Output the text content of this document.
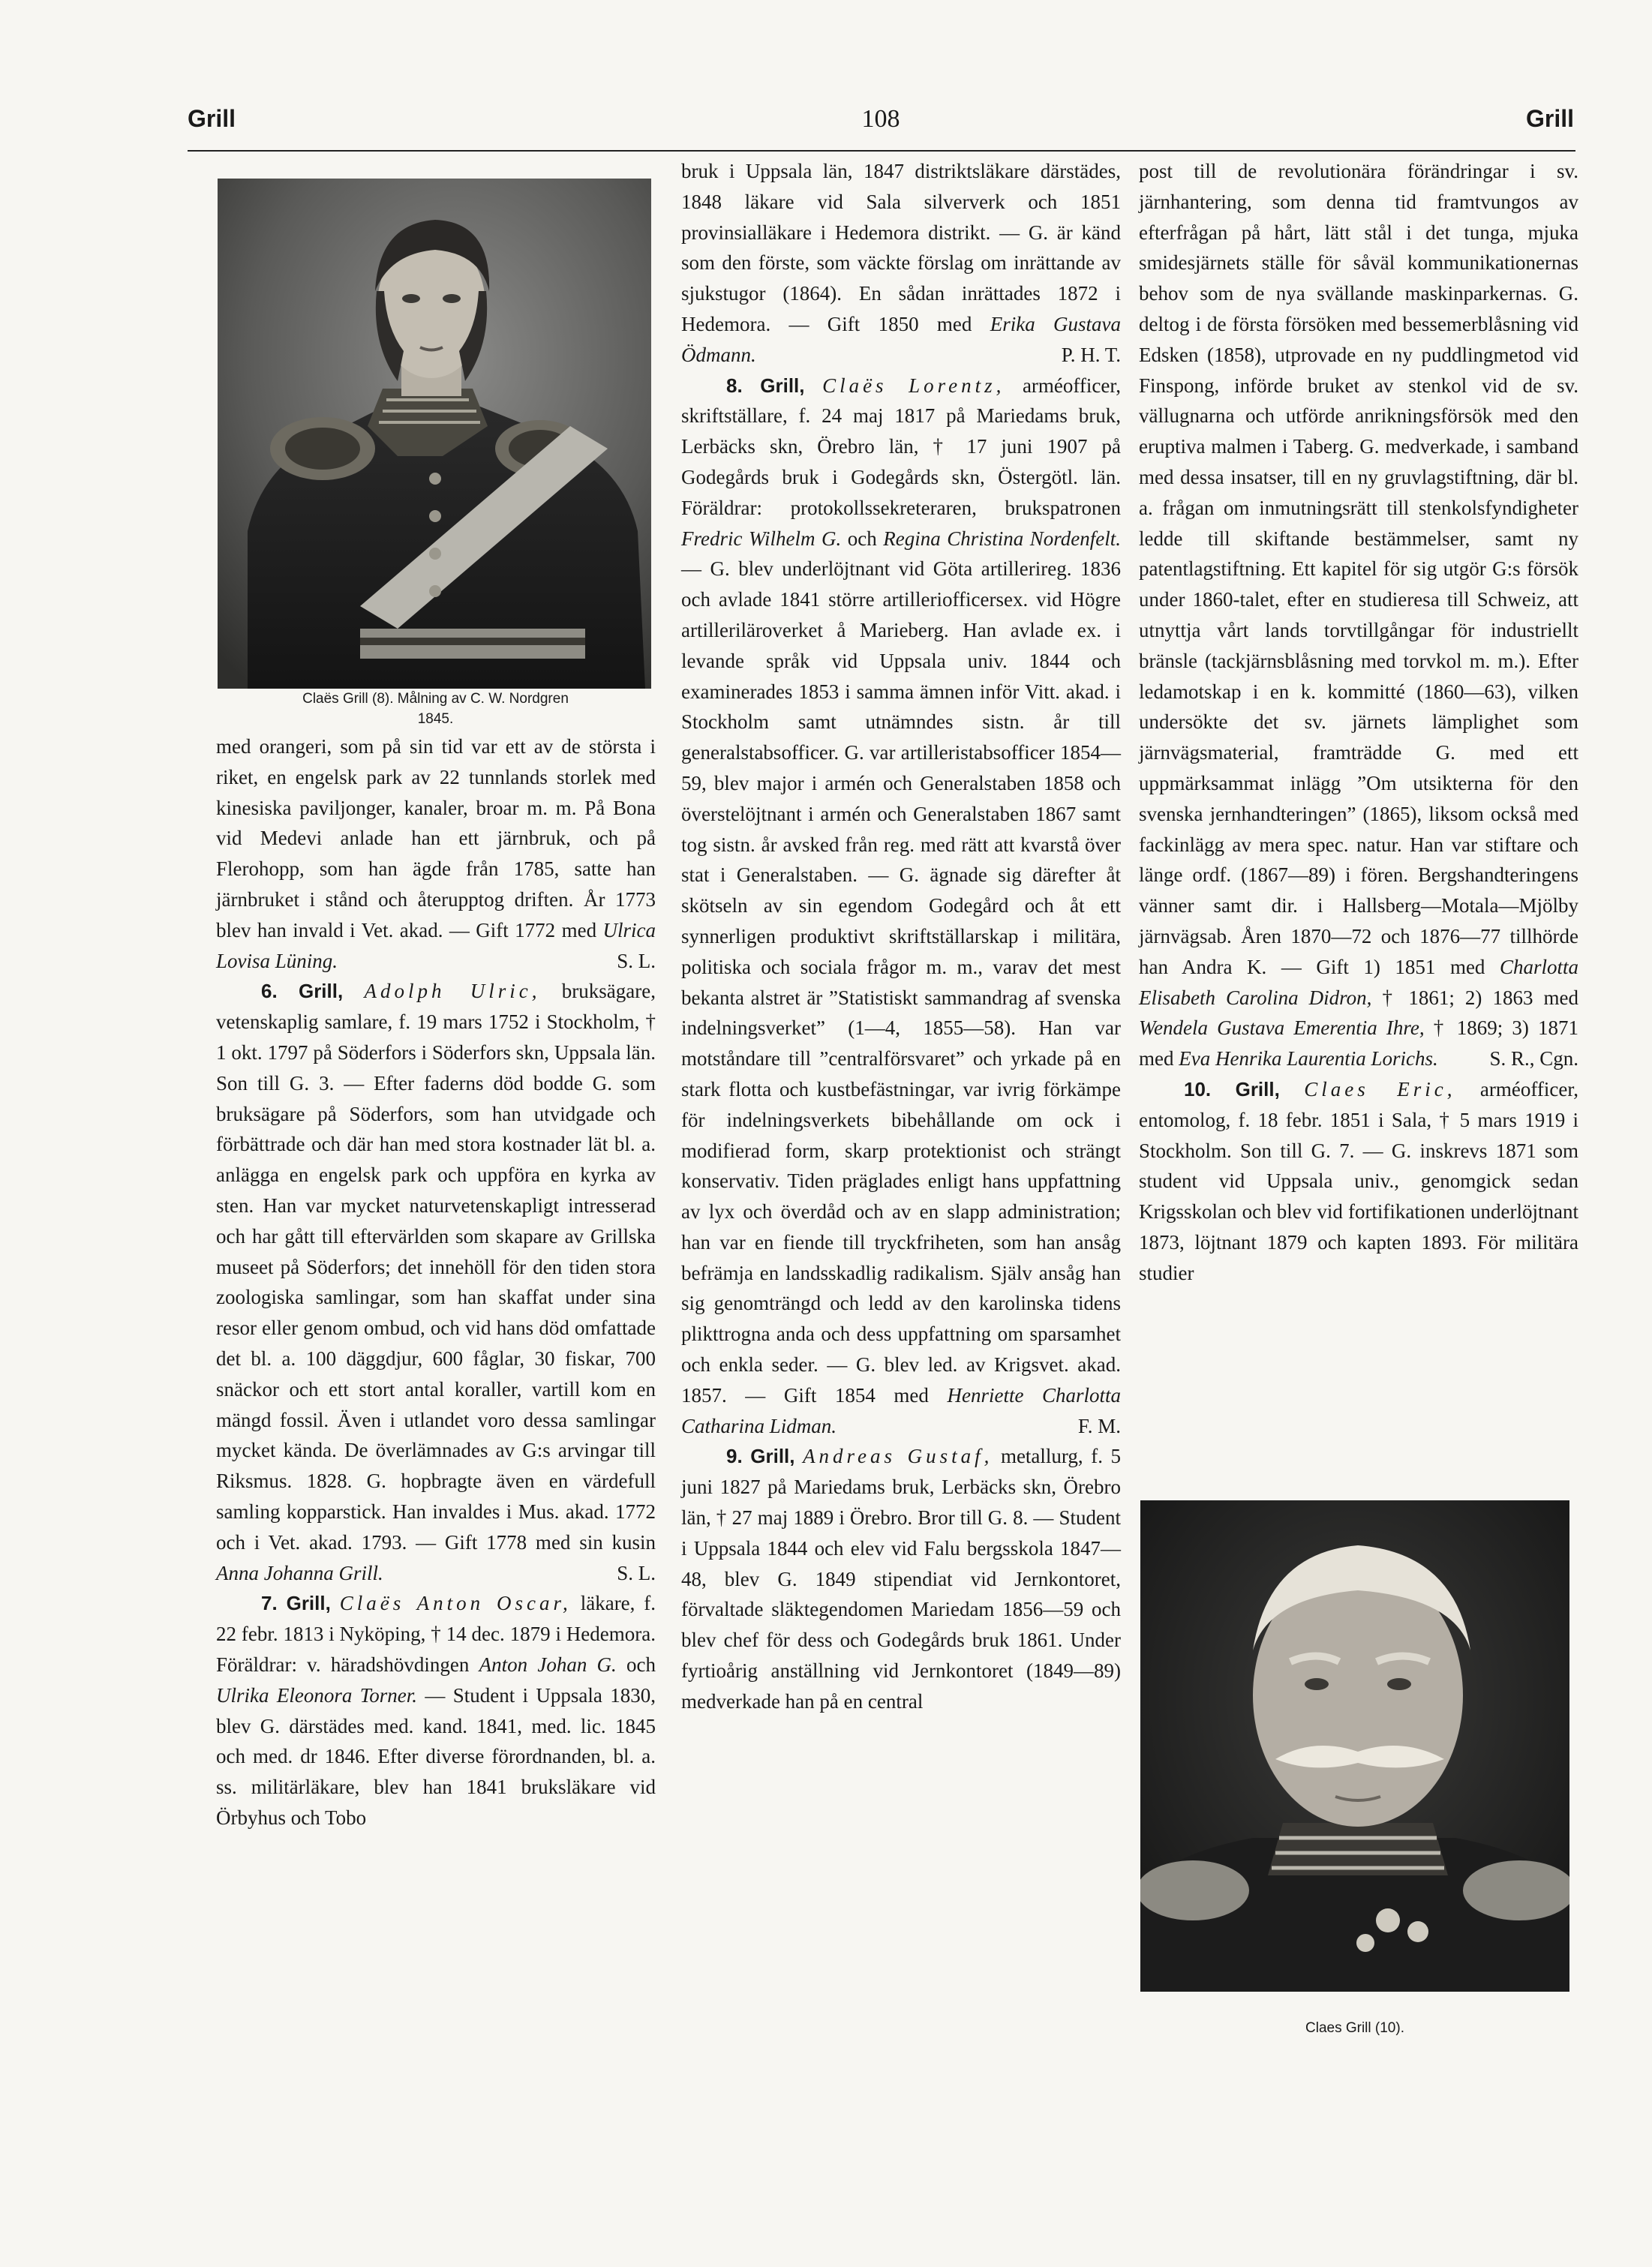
Grill	108	Grill
Claës Grill (8). Målning av C. W. Nordgren
1845.

med orangeri, som på sin tid var ett av de största i riket, en engelsk park av 22 tunnlands storlek med kinesiska paviljonger, kanaler, broar m. m. På Bona vid Medevi anlade han ett järnbruk, och på Flerohopp, som han ägde från 1785, satte han järnbruket i stånd och återupptog driften. År 1773 blev han invald i Vet. akad. — Gift 1772 med Ulrica Lovisa Lüning.	S. L.

6. Grill, Adolph Ulric, bruksägare, vetenskaplig samlare, f. 19 mars 1752 i Stockholm, † 1 okt. 1797 på Söderfors i Söderfors skn, Uppsala län. Son till G. 3. — Efter faderns död bodde G. som bruksägare på Söderfors, som han utvidgade och förbättrade och där han med stora kostnader lät bl. a. anlägga en engelsk park och uppföra en kyrka av sten. Han var mycket naturvetenskapligt intresserad och har gått till eftervärlden som skapare av Grillska museet på Söderfors; det innehöll för den tiden stora zoologiska samlingar, som han skaffat under sina resor eller genom ombud, och vid hans död omfattade det bl. a. 100 däggdjur, 600 fåglar, 30 fiskar, 700 snäckor och ett stort antal koraller, vartill kom en mängd fossil. Även i utlandet voro dessa samlingar mycket kända. De överlämnades av G:s arvingar till Riksmus. 1828. G. hopbragte även en värdefull samling kopparstick. Han invaldes i Mus. akad. 1772 och i Vet. akad. 1793. — Gift 1778 med sin kusin Anna Johanna Grill.	S. L.

7. Grill, Claës Anton Oscar, läkare, f. 22 febr. 1813 i Nyköping, † 14 dec. 1879 i Hedemora. Föräldrar: v. häradshövdingen Anton Johan G. och Ulrika Eleonora Torner. — Student i Uppsala 1830, blev G. därstädes med. kand. 1841, med. lic. 1845 och med. dr 1846. Efter diverse förordnanden, bl. a. ss. militärläkare, blev han 1841 bruksläkare vid Örbyhus och Tobo

bruk i Uppsala län, 1847 distriktsläkare därstädes, 1848 läkare vid Sala silververk och 1851 provinsialläkare i Hedemora distrikt. — G. är känd som den förste, som väckte förslag om inrättande av sjukstugor (1864). En sådan inrättades 1872 i Hedemora. — Gift 1850 med Erika Gustava Ödmann.	P. H. T.

8. Grill, Claës Lorentz, arméofficer, skriftställare, f. 24 maj 1817 på Mariedams bruk, Lerbäcks skn, Örebro län, † 17 juni 1907 på Godegårds bruk i Godegårds skn, Östergötl. län. Föräldrar: protokollssekreteraren, brukspatronen Fredric Wilhelm G. och Regina Christina Nordenfelt. — G. blev underlöjtnant vid Göta artillerireg. 1836 och avlade 1841 större artilleriofficersex. vid Högre artilleriläroverket å Marieberg. Han avlade ex. i levande språk vid Uppsala univ. 1844 och examinerades 1853 i samma ämnen inför Vitt. akad. i Stockholm samt utnämndes sistn. år till generalstabsofficer. G. var artilleristabsofficer 1854—59, blev major i armén och Generalstaben 1858 och överstelöjtnant i armén och Generalstaben 1867 samt tog sistn. år avsked från reg. med rätt att kvarstå över stat i Generalstaben. — G. ägnade sig därefter åt skötseln av sin egendom Godegård och åt ett synnerligen produktivt skriftställarskap i militära, politiska och sociala frågor m. m., varav det mest bekanta alstret är ”Statistiskt sammandrag af svenska indelningsverket” (1—4, 1855—58). Han var motståndare till ”centralförsvaret” och yrkade på en stark flotta och kustbefästningar, var ivrig förkämpe för indelningsverkets bibehållande om ock i modifierad form, skarp protektionist och strängt konservativ. Tiden präglades enligt hans uppfattning av lyx och överdåd och av en slapp administration; han var en fiende till tryckfriheten, som han ansåg befrämja en landsskadlig radikalism. Själv ansåg han sig genomträngd och ledd av den karolinska tidens plikttrogna anda och dess uppfattning om sparsamhet och enkla seder. — G. blev led. av Krigsvet. akad. 1857. — Gift 1854 med Henriette Charlotta Catharina Lidman.	F. M.

9. Grill, Andreas Gustaf, metallurg, f. 5 juni 1827 på Mariedams bruk, Lerbäcks skn, Örebro län, † 27 maj 1889 i Örebro. Bror till G. 8. — Student i Uppsala 1844 och elev vid Falu bergsskola 1847—48, blev G. 1849 stipendiat vid Jernkontoret, förvaltade släktegendomen Mariedam 1856—59 och blev chef för dess och Godegårds bruk 1861. Under fyrtioårig anställning vid Jernkontoret (1849—89) medverkade han på en central

post till de revolutionära förändringar i sv. järnhantering, som denna tid framtvungos av efterfrågan på hårt, lätt stål i det tunga, mjuka smidesjärnets ställe för såväl kommunikationernas behov som de nya svällande maskinparkernas. G. deltog i de första försöken med bessemerblåsning vid Edsken (1858), utprovade en ny puddlingmetod vid Finspong, införde bruket av stenkol vid de sv. vällugnarna och utförde anrikningsförsök med den eruptiva malmen i Taberg. G. medverkade, i samband med dessa insatser, till en ny gruvlagstiftning, där bl. a. frågan om inmutningsrätt till stenkolsfyndigheter ledde till skiftande bestämmelser, samt ny patentlagstiftning. Ett kapitel för sig utgör G:s försök under 1860-talet, efter en studieresa till Schweiz, att utnyttja vårt lands torvtillgångar för industriellt bränsle (tackjärnsblåsning med torvkol m. m.). Efter ledamotskap i en k. kommitté (1860—63), vilken undersökte det sv. järnets lämplighet som järnvägsmaterial, framträdde G. med ett uppmärksammat inlägg ”Om utsikterna för den svenska jernhandteringen” (1865), liksom också med fackinlägg av mera spec. natur. Han var stiftare och länge ordf. (1867—89) i fören. Bergshandteringens vänner samt dir. i Hallsberg—Motala—Mjölby järnvägsab. Åren 1870—72 och 1876—77 tillhörde han Andra K. — Gift 1) 1851 med Charlotta Elisabeth Carolina Didron, † 1861; 2) 1863 med Wendela Gustava Emerentia Ihre, † 1869; 3) 1871 med Eva Henrika Laurentia Lorichs.	S. R., Cgn.

10. Grill, Claes Eric, arméofficer, entomolog, f. 18 febr. 1851 i Sala, † 5 mars 1919 i Stockholm. Son till G. 7. — G. inskrevs 1871 som student vid Uppsala univ., genomgick sedan Krigsskolan och blev vid fortifikationen underlöjtnant 1873, löjtnant 1879 och kapten 1893. För militära studier

Claes Grill (10).
